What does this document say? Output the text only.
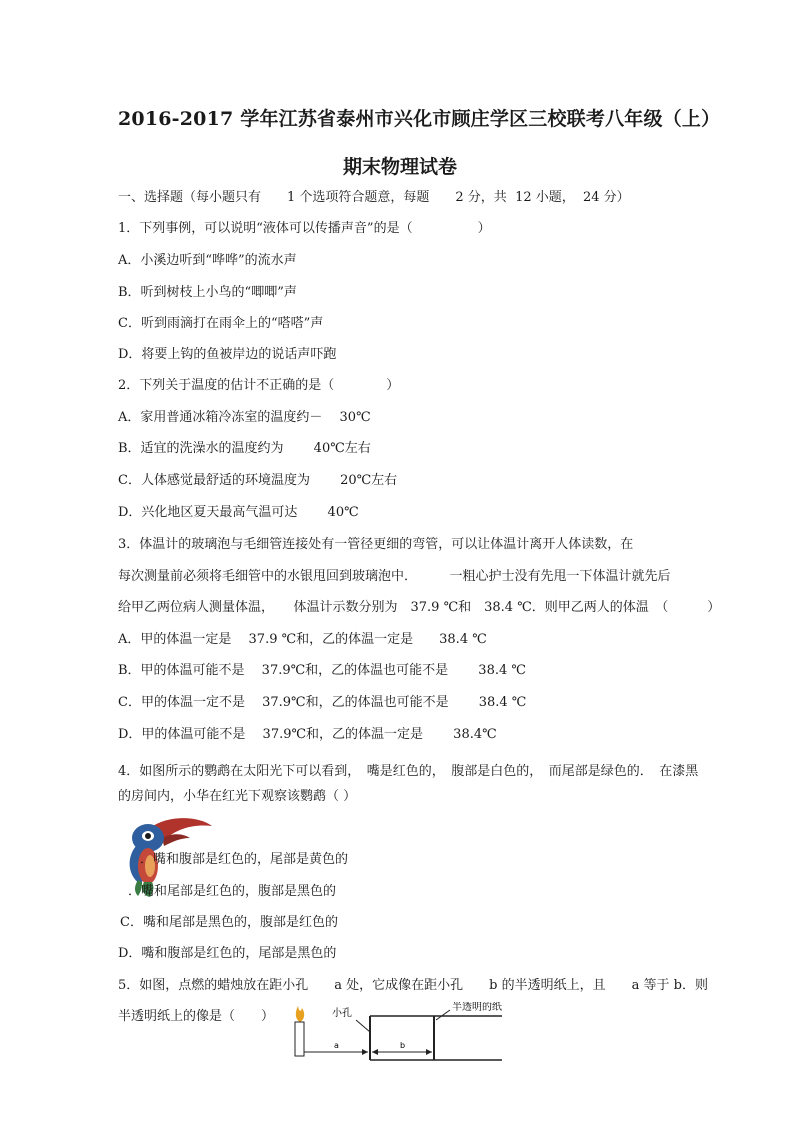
2016-2017 学年江苏省泰州市兴化市顾庄学区三校联考八年级（上）
期末物理试卷
一、选择题（每小题只有　　1 个选项符合题意，每题　　2 分，共  12 小题，  24 分）
1．下列事例，可以说明“液体可以传播声音”的是（　　　　　）
A．小溪边听到“哗哗”的流水声
B．听到树枝上小鸟的“唧唧”声
C．听到雨滴打在雨伞上的“嗒嗒”声
D．将要上钩的鱼被岸边的说话声吓跑
2．下列关于温度的估计不正确的是（　　　　）
A．家用普通冰箱冷冻室的温度约－　 30℃
B．适宜的洗澡水的温度约为　　 40℃左右
C．人体感觉最舒适的环境温度为　　 20℃左右
D．兴化地区夏天最高气温可达　　 40℃
3．体温计的玻璃泡与毛细管连接处有一管径更细的弯管，可以让体温计离开人体读数，在
每次测量前必须将毛细管中的水银甩回到玻璃泡中．　　　一粗心护士没有先甩一下体温计就先后
给甲乙两位病人测量体温，　　体温计示数分别为　37.9 ℃和　38.4 ℃．则甲乙两人的体温　（　　　）
A．甲的体温一定是　 37.9 ℃和，乙的体温一定是　　38.4 ℃
B．甲的体温可能不是　 37.9℃和，乙的体温也可能不是　　 38.4 ℃
C．甲的体温一定不是　 37.9℃和，乙的体温也可能不是　　 38.4 ℃
D．甲的体温可能不是　 37.9℃和，乙的体温一定是　　 38.4℃
4．如图所示的鹦鹉在太阳光下可以看到，　嘴是红色的，　腹部是白色的，　而尾部是绿色的．　在漆黑
的房间内，小华在红光下观察该鹦鹉（ ）
．嘴和腹部是红色的，尾部是黄色的
．嘴和尾部是红色的，腹部是黑色的
C．嘴和尾部是黑色的，腹部是红色的
D．嘴和腹部是红色的，尾部是黑色的
5．如图，点燃的蜡烛放在距小孔　　a 处，它成像在距小孔　　b 的半透明纸上，且　　a 等于 b．则
半透明纸上的像是（　　）
a	b
小孔
半透明的纸
